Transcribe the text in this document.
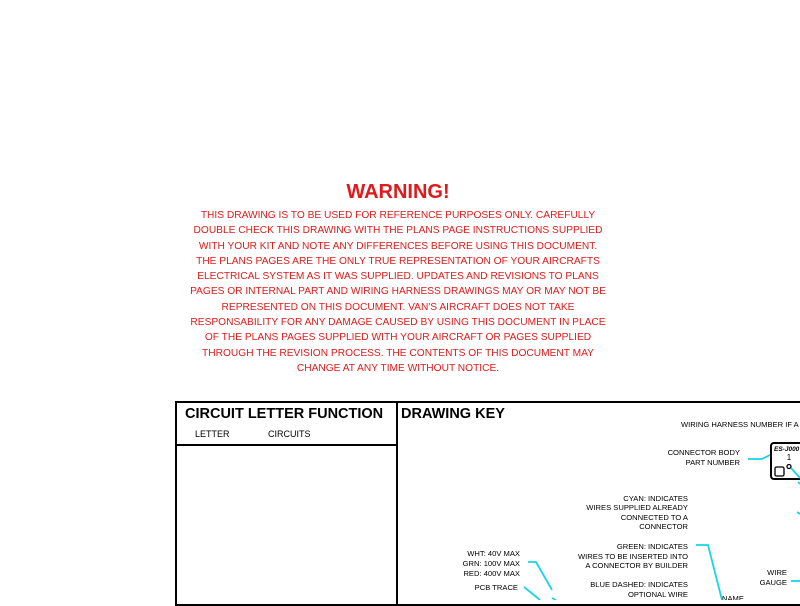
WARNING!
THIS DRAWING IS TO BE USED FOR REFERENCE PURPOSES ONLY. CAREFULLY
DOUBLE CHECK THIS DRAWING WITH THE PLANS PAGE INSTRUCTIONS SUPPLIED
WITH YOUR KIT AND NOTE ANY DIFFERENCES BEFORE USING THIS DOCUMENT.
THE PLANS PAGES ARE THE ONLY TRUE REPRESENTATION OF YOUR AIRCRAFTS
ELECTRICAL SYSTEM AS IT WAS SUPPLIED. UPDATES AND REVISIONS TO PLANS
PAGES OR INTERNAL PART AND WIRING HARNESS DRAWINGS MAY OR MAY NOT BE
REPRESENTED ON THIS DOCUMENT. VAN'S AIRCRAFT DOES NOT TAKE
RESPONSABILITY FOR ANY DAMAGE CAUSED BY USING THIS DOCUMENT IN PLACE
OF THE PLANS PAGES SUPPLIED WITH YOUR AIRCRAFT OR PAGES SUPPLIED
THROUGH THE REVISION PROCESS. THE CONTENTS OF THIS DOCUMENT MAY
CHANGE AT ANY TIME WITHOUT NOTICE.
CIRCUIT LETTER FUNCTION
LETTER	CIRCUITS
DRAWING KEY
WIRING HARNESS NUMBER IF A
CONNECTOR BODY
PART NUMBER
ES-J000
1
CYAN: INDICATES
WIRES SUPPLIED ALREADY
CONNECTED TO A
CONNECTOR
GREEN: INDICATES
WIRES TO BE INSERTED INTO
A CONNECTOR BY BUILDER
BLUE DASHED: INDICATES
OPTIONAL WIRE
WHT: 40V MAX
GRN: 100V MAX
RED: 400V MAX
PCB TRACE
WIRE
GAUGE
NAME
